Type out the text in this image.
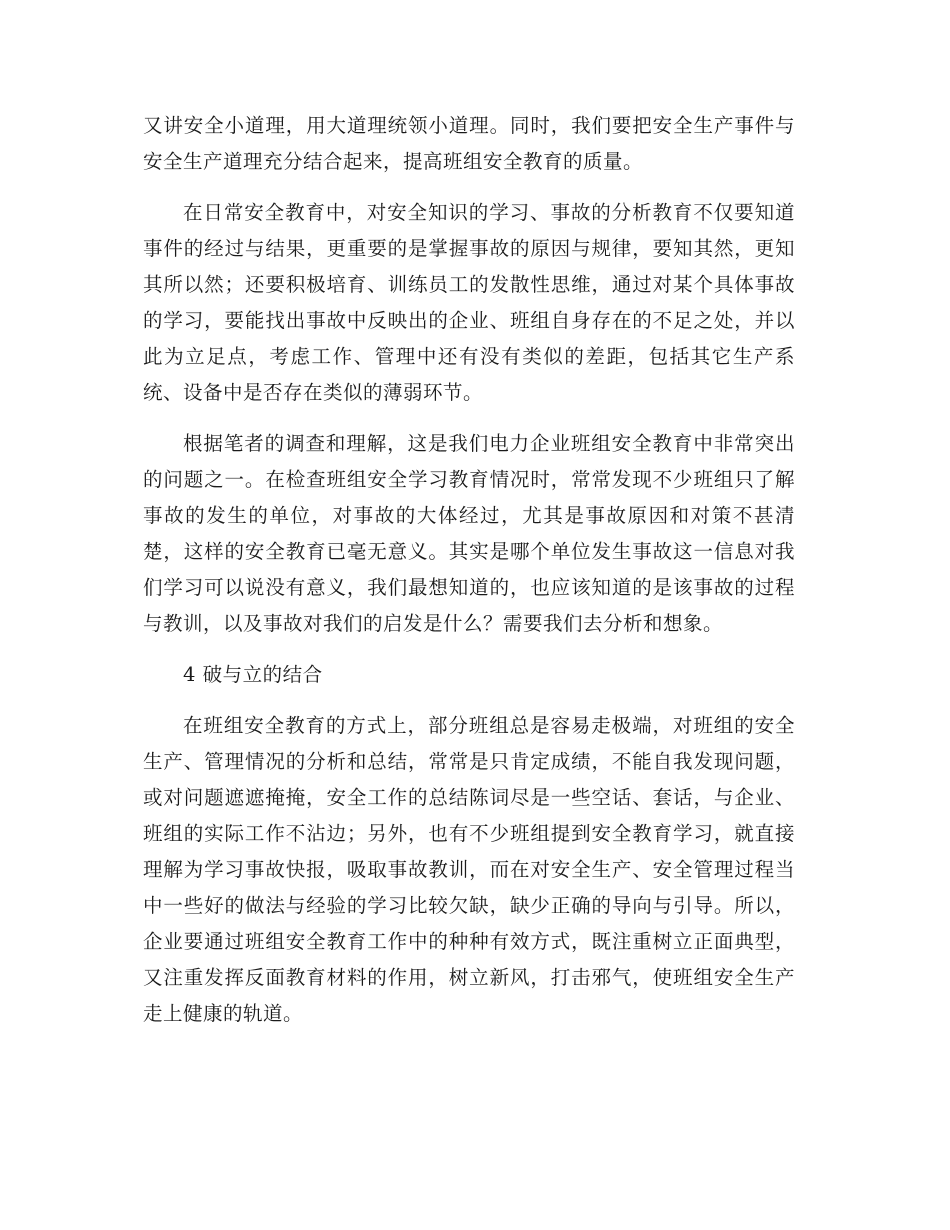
又讲安全小道理，用大道理统领小道理。同时，我们要把安全生产事件与安全生产道理充分结合起来，提高班组安全教育的质量。

在日常安全教育中，对安全知识的学习、事故的分析教育不仅要知道事件的经过与结果，更重要的是掌握事故的原因与规律，要知其然，更知其所以然；还要积极培育、训练员工的发散性思维，通过对某个具体事故的学习，要能找出事故中反映出的企业、班组自身存在的不足之处，并以此为立足点，考虑工作、管理中还有没有类似的差距，包括其它生产系统、设备中是否存在类似的薄弱环节。

根据笔者的调查和理解，这是我们电力企业班组安全教育中非常突出的问题之一。在检查班组安全学习教育情况时，常常发现不少班组只了解事故的发生的单位，对事故的大体经过，尤其是事故原因和对策不甚清楚，这样的安全教育已毫无意义。其实是哪个单位发生事故这一信息对我们学习可以说没有意义，我们最想知道的，也应该知道的是该事故的过程与教训，以及事故对我们的启发是什么？需要我们去分析和想象。

4 破与立的结合

在班组安全教育的方式上，部分班组总是容易走极端，对班组的安全生产、管理情况的分析和总结，常常是只肯定成绩，不能自我发现问题，或对问题遮遮掩掩，安全工作的总结陈词尽是一些空话、套话，与企业、班组的实际工作不沾边；另外，也有不少班组提到安全教育学习，就直接理解为学习事故快报，吸取事故教训，而在对安全生产、安全管理过程当中一些好的做法与经验的学习比较欠缺，缺少正确的导向与引导。所以，企业要通过班组安全教育工作中的种种有效方式，既注重树立正面典型，又注重发挥反面教育材料的作用，树立新风，打击邪气，使班组安全生产走上健康的轨道。
